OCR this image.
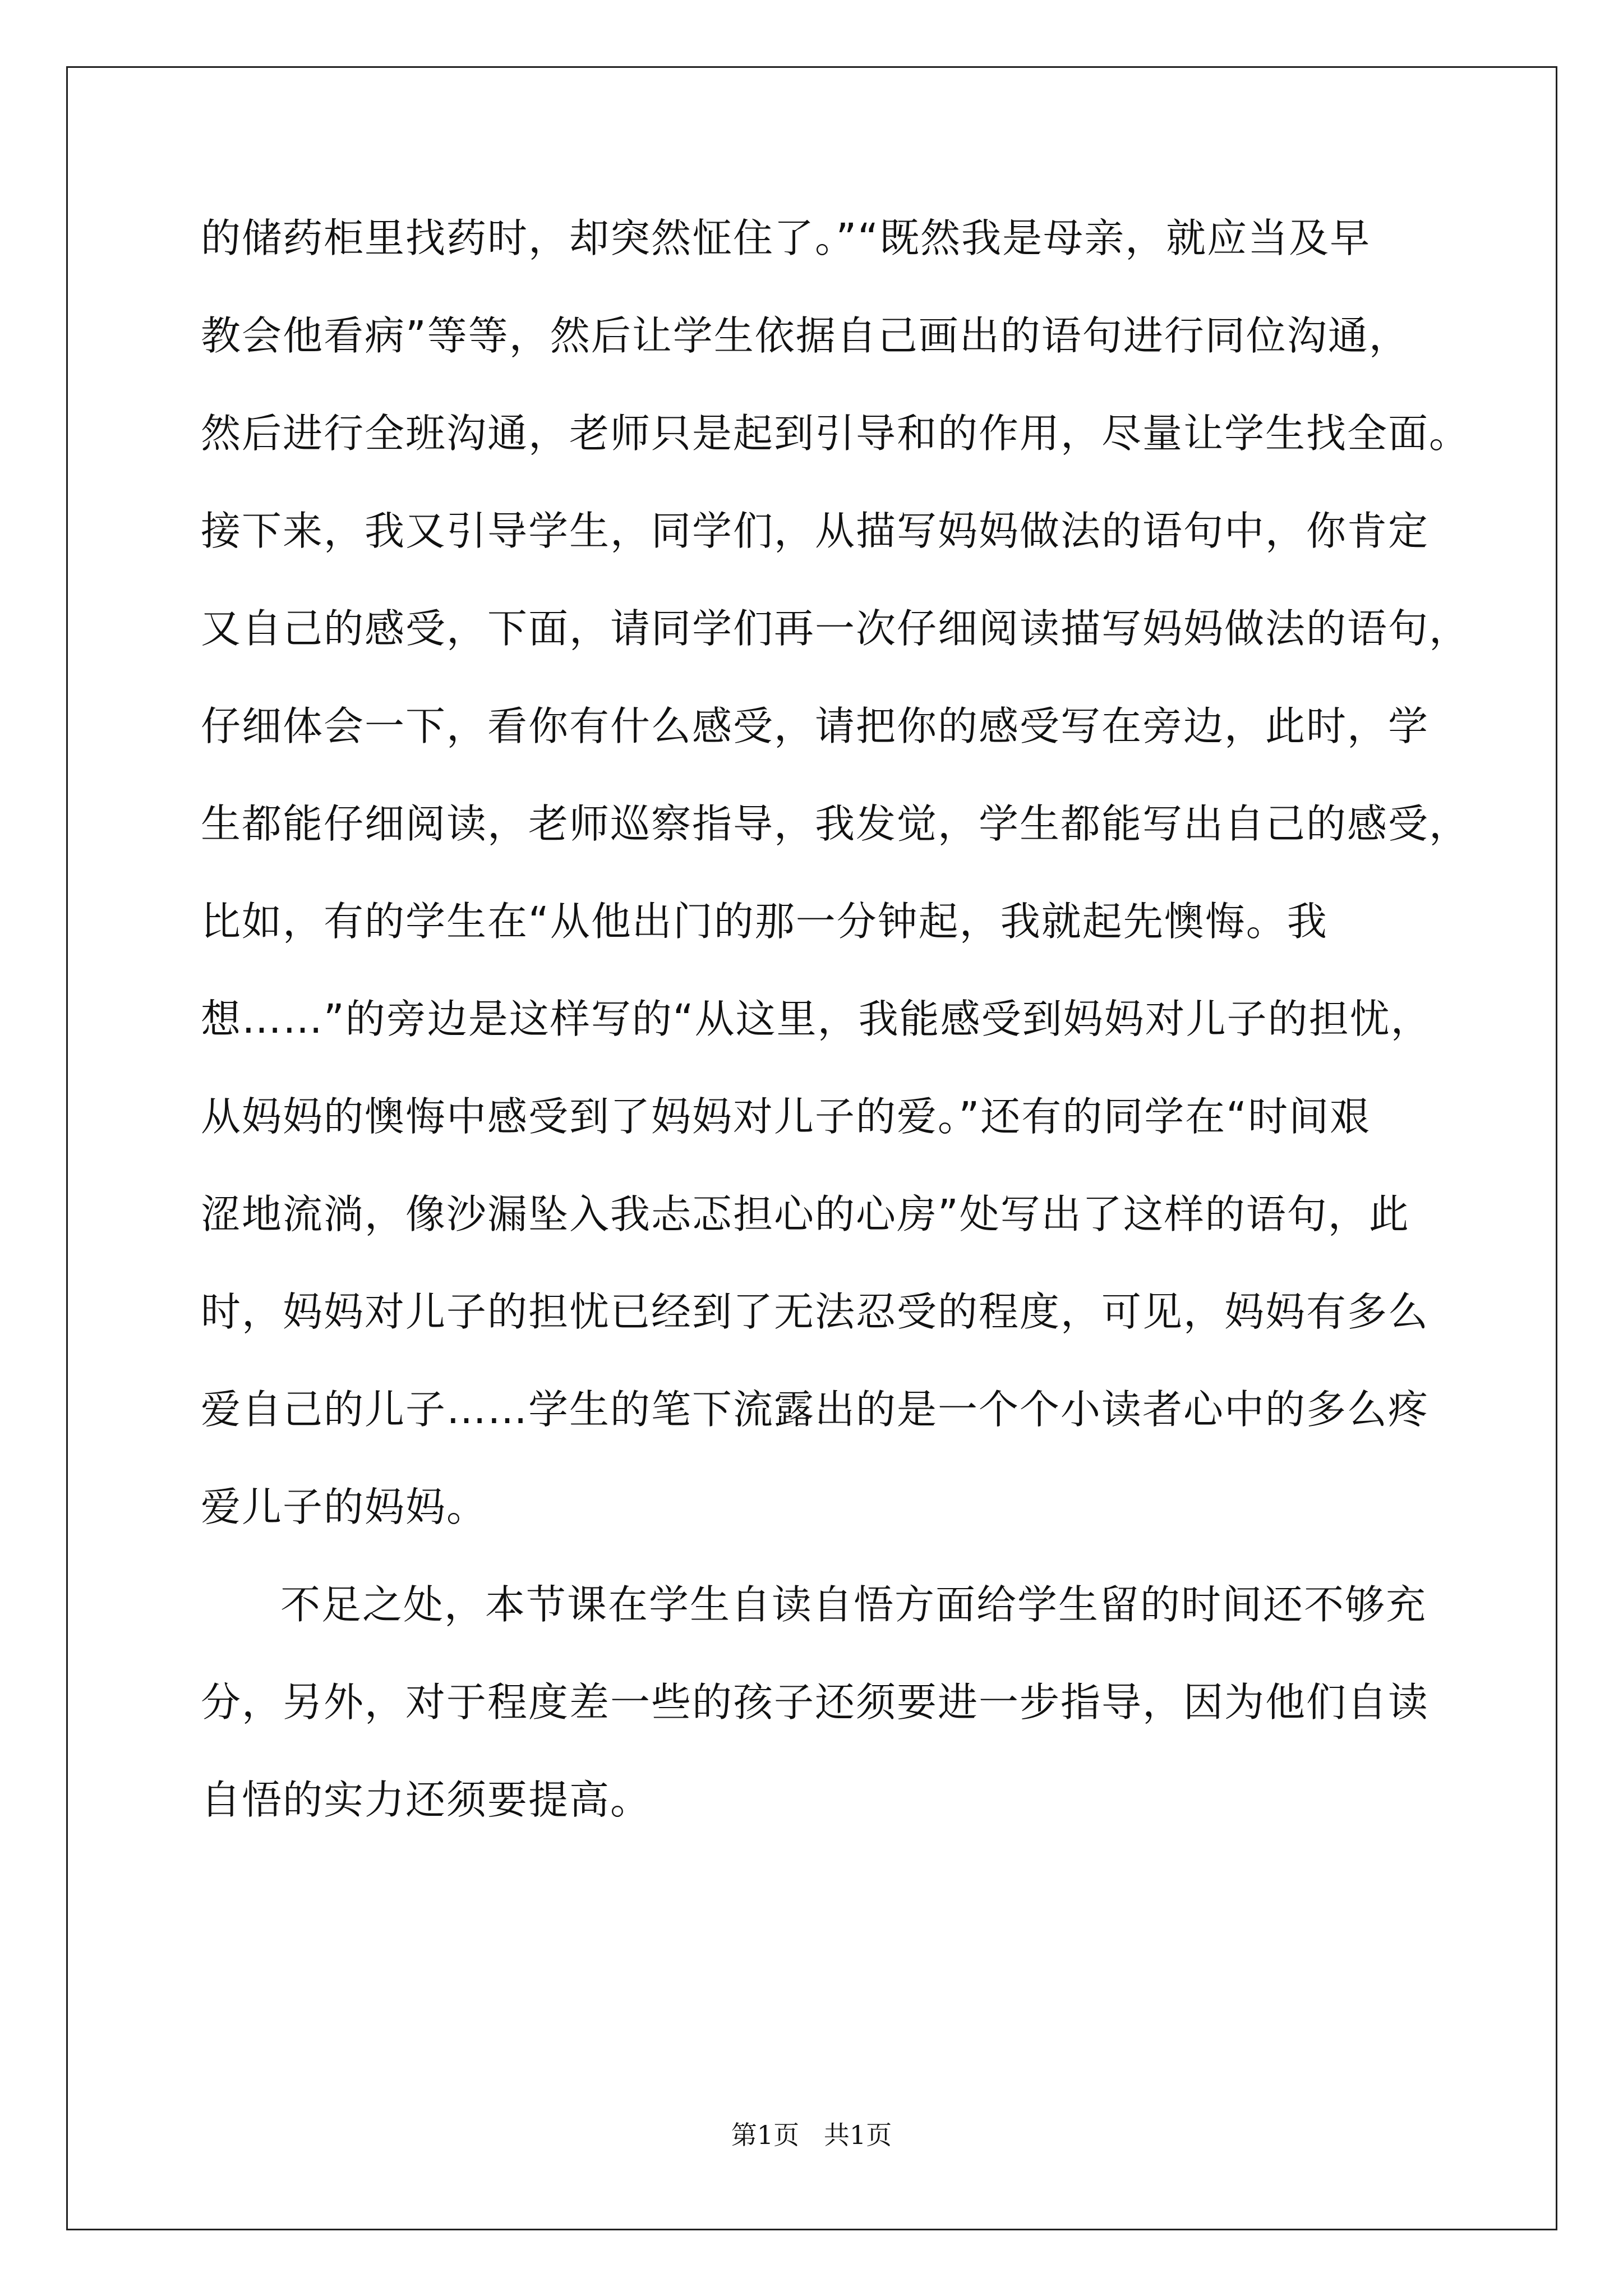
的储药柜里找药时，却突然怔住了。”“既然我是母亲，就应当及早
教会他看病”等等，然后让学生依据自己画出的语句进行同位沟通，
然后进行全班沟通，老师只是起到引导和的作用，尽量让学生找全面。
接下来，我又引导学生，同学们，从描写妈妈做法的语句中，你肯定
又自己的感受，下面，请同学们再一次仔细阅读描写妈妈做法的语句，
仔细体会一下，看你有什么感受，请把你的感受写在旁边，此时，学
生都能仔细阅读，老师巡察指导，我发觉，学生都能写出自己的感受，
比如，有的学生在“从他出门的那一分钟起，我就起先懊悔。我
想……”的旁边是这样写的“从这里，我能感受到妈妈对儿子的担忧，
从妈妈的懊悔中感受到了妈妈对儿子的爱。”还有的同学在“时间艰
涩地流淌，像沙漏坠入我忐忑担心的心房”处写出了这样的语句，此
时，妈妈对儿子的担忧已经到了无法忍受的程度，可见，妈妈有多么
爱自己的儿子……学生的笔下流露出的是一个个小读者心中的多么疼
爱儿子的妈妈。
不足之处，本节课在学生自读自悟方面给学生留的时间还不够充
分，另外，对于程度差一些的孩子还须要进一步指导，因为他们自读
自悟的实力还须要提高。
第1页   共1页
